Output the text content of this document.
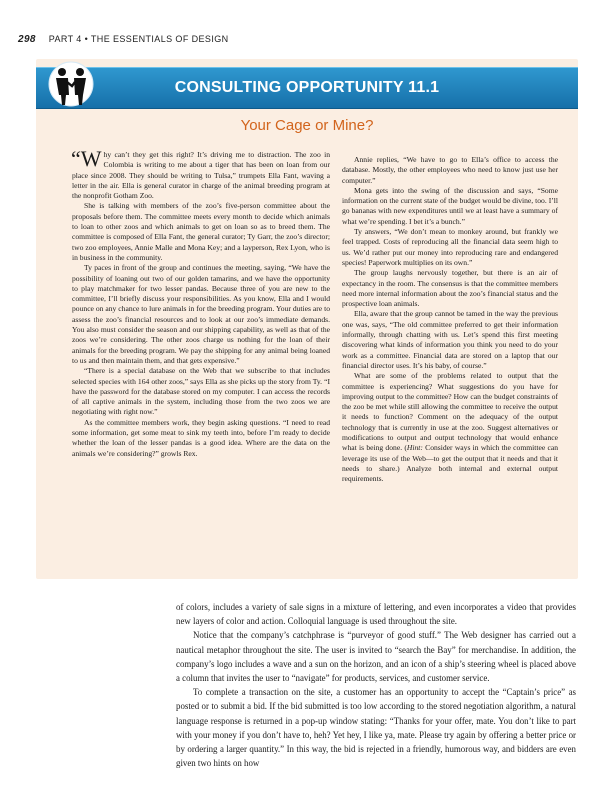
298 PART 4 • THE ESSENTIALS OF DESIGN
CONSULTING OPPORTUNITY 11.1
Your Cage or Mine?

“Why can’t they get this right? It’s driving me to distraction. The zoo in Colombia is writing to me about a tiger that has been on loan from our place since 2008. They should be writing to Tulsa,” trumpets Ella Fant, waving a letter in the air. Ella is general curator in charge of the animal breeding program at the nonprofit Gotham Zoo.

She is talking with members of the zoo’s five-person committee about the proposals before them. The committee meets every month to decide which animals to loan to other zoos and which animals to get on loan so as to breed them. The committee is composed of Ella Fant, the general curator; Ty Garr, the zoo’s director; two zoo employees, Annie Malle and Mona Key; and a layperson, Rex Lyon, who is in business in the community.

Ty paces in front of the group and continues the meeting, saying, “We have the possibility of loaning out two of our golden tamarins, and we have the opportunity to play matchmaker for two lesser pandas. Because three of you are new to the committee, I’ll briefly discuss your responsibilities. As you know, Ella and I would pounce on any chance to lure animals in for the breeding program. Your duties are to assess the zoo’s financial resources and to look at our zoo’s immediate demands. You also must consider the season and our shipping capability, as well as that of the zoos we’re considering. The other zoos charge us nothing for the loan of their animals for the breeding program. We pay the shipping for any animal being loaned to us and then maintain them, and that gets expensive.”

“There is a special database on the Web that we subscribe to that includes selected species with 164 other zoos,” says Ella as she picks up the story from Ty. “I have the password for the database stored on my computer. I can access the records of all captive animals in the system, including those from the two zoos we are negotiating with right now.”

As the committee members work, they begin asking questions. “I need to read some information, get some meat to sink my teeth into, before I’m ready to decide whether the loan of the lesser pandas is a good idea. Where are the data on the animals we’re considering?” growls Rex.

Annie replies, “We have to go to Ella’s office to access the database. Mostly, the other employees who need to know just use her computer.”

Mona gets into the swing of the discussion and says, “Some information on the current state of the budget would be divine, too. I’ll go bananas with new expenditures until we at least have a summary of what we’re spending. I bet it’s a bunch.”

Ty answers, “We don’t mean to monkey around, but frankly we feel trapped. Costs of reproducing all the financial data seem high to us. We’d rather put our money into reproducing rare and endangered species! Paperwork multiplies on its own.”

The group laughs nervously together, but there is an air of expectancy in the room. The consensus is that the committee members need more internal information about the zoo’s financial status and the prospective loan animals.

Ella, aware that the group cannot be tamed in the way the previous one was, says, “The old committee preferred to get their information informally, through chatting with us. Let’s spend this first meeting discovering what kinds of information you think you need to do your work as a committee. Financial data are stored on a laptop that our financial director uses. It’s his baby, of course.”

What are some of the problems related to output that the committee is experiencing? What suggestions do you have for improving output to the committee? How can the budget constraints of the zoo be met while still allowing the committee to receive the output it needs to function? Comment on the adequacy of the output technology that is currently in use at the zoo. Suggest alternatives or modifications to output and output technology that would enhance what is being done. (Hint: Consider ways in which the committee can leverage its use of the Web—to get the output that it needs and that it needs to share.) Analyze both internal and external output requirements.

of colors, includes a variety of sale signs in a mixture of lettering, and even incorporates a video that provides new layers of color and action. Colloquial language is used throughout the site.

Notice that the company’s catchphrase is “purveyor of good stuff.” The Web designer has carried out a nautical metaphor throughout the site. The user is invited to “search the Bay” for merchandise. In addition, the company’s logo includes a wave and a sun on the horizon, and an icon of a ship’s steering wheel is placed above a column that invites the user to “navigate” for products, services, and customer service.

To complete a transaction on the site, a customer has an opportunity to accept the “Captain’s price” as posted or to submit a bid. If the bid submitted is too low according to the stored negotiation algorithm, a natural language response is returned in a pop-up window stating: “Thanks for your offer, mate. You don’t like to part with your money if you don’t have to, heh? Yet hey, I like ya, mate. Please try again by offering a better price or by ordering a larger quantity.” In this way, the bid is rejected in a friendly, humorous way, and bidders are even given two hints on how
